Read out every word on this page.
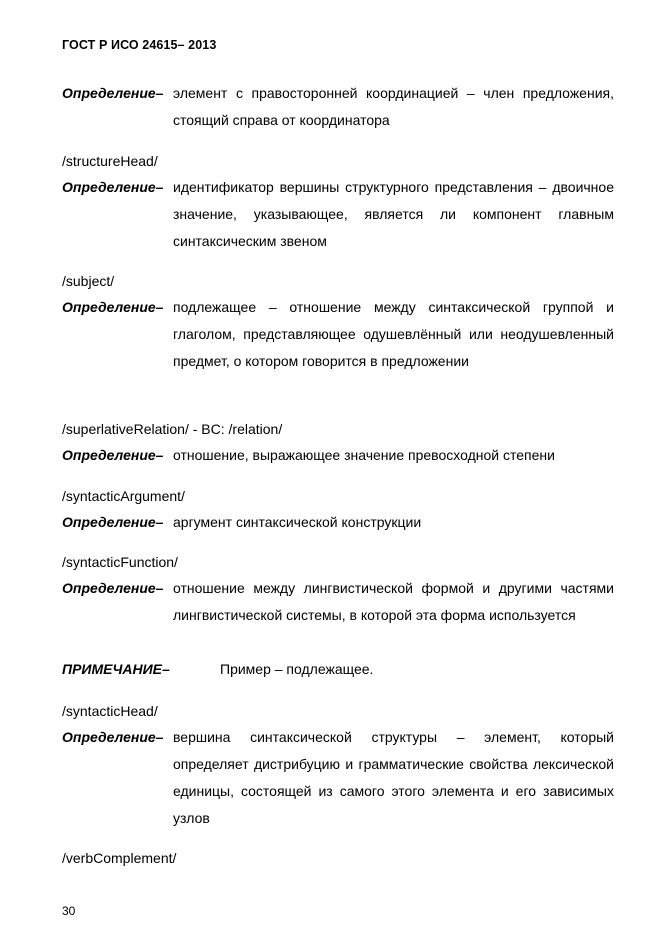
ГОСТ Р ИСО 24615– 2013
Определение– элемент с правосторонней координацией – член предложения, стоящий справа от координатора
/structureHead/
Определение– идентификатор вершины структурного представления – двоичное значение, указывающее, является ли компонент главным синтаксическим звеном
/subject/
Определение– подлежащее – отношение между синтаксической группой и глаголом, представляющее одушевлённый или неодушевленный предмет, о котором говорится в предложении
/superlativeRelation/ - BC: /relation/
Определение– отношение, выражающее значение превосходной степени
/syntacticArgument/
Определение– аргумент синтаксической конструкции
/syntacticFunction/
Определение– отношение между лингвистической формой и другими частями лингвистической системы, в которой эта форма используется
ПРИМЕЧАНИЕ–	Пример – подлежащее.
/syntacticHead/
Определение– вершина синтаксической структуры – элемент, который определяет дистрибуцию и грамматические свойства лексической единицы, состоящей из самого этого элемента и его зависимых узлов
/verbComplement/
30
